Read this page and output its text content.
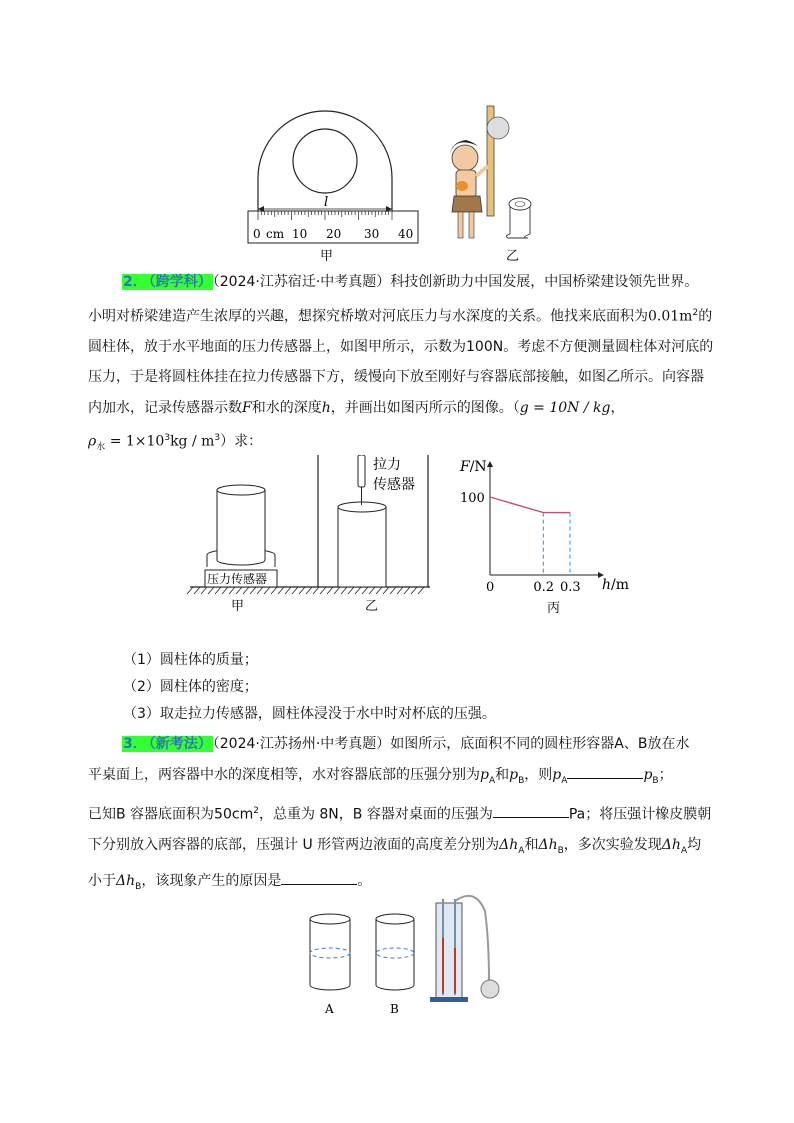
l
0 cm 10 20 30 40
甲	乙
2． （跨学科）（2024·江苏宿迁·中考真题）科技创新助力中国发展，中国桥梁建设领先世界。
小明对桥梁建造产生浓厚的兴趣，想探究桥墩对河底压力与水深度的关系。他找来底面积为$0.01m^2$的
圆柱体，放于水平地面的压力传感器上，如图甲所示，示数为100N。考虑不方便测量圆柱体对河底的
压力，于是将圆柱体挂在拉力传感器下方，缓慢向下放至刚好与容器底部接触，如图乙所示。向容器
内加水，记录传感器示数F和水的深度h，并画出如图丙所示的图像。（g = 10N / kg，
$\rho_水 = 1\times 10^3kg / m^3$）求：
压力传感器
甲
拉力
传感器
乙
F/N
h/m
100
0	0.2 0.3
丙
（1）圆柱体的质量；
（2）圆柱体的密度；
（3）取走拉力传感器，圆柱体浸没于水中时对杯底的压强。
3． （新考法）（2024·江苏扬州·中考真题）如图所示，底面积不同的圆柱形容器A、B放在水
平桌面上，两容器中水的深度相等，水对容器底部的压强分别为$p_A$和$p_B$，则$p_A$	$p_B$；
已知B 容器底面积为$50cm^2$，总重为 8N，B 容器对桌面的压强为	Pa；将压强计橡皮膜朝
下分别放入两容器的底部，压强计 U 形管两边液面的高度差分别为$\Delta h_A$和$\Delta h_B$，多次实验发现$\Delta h_A$均
小于$\Delta h_B$，该现象产生的原因是	。
A	B
